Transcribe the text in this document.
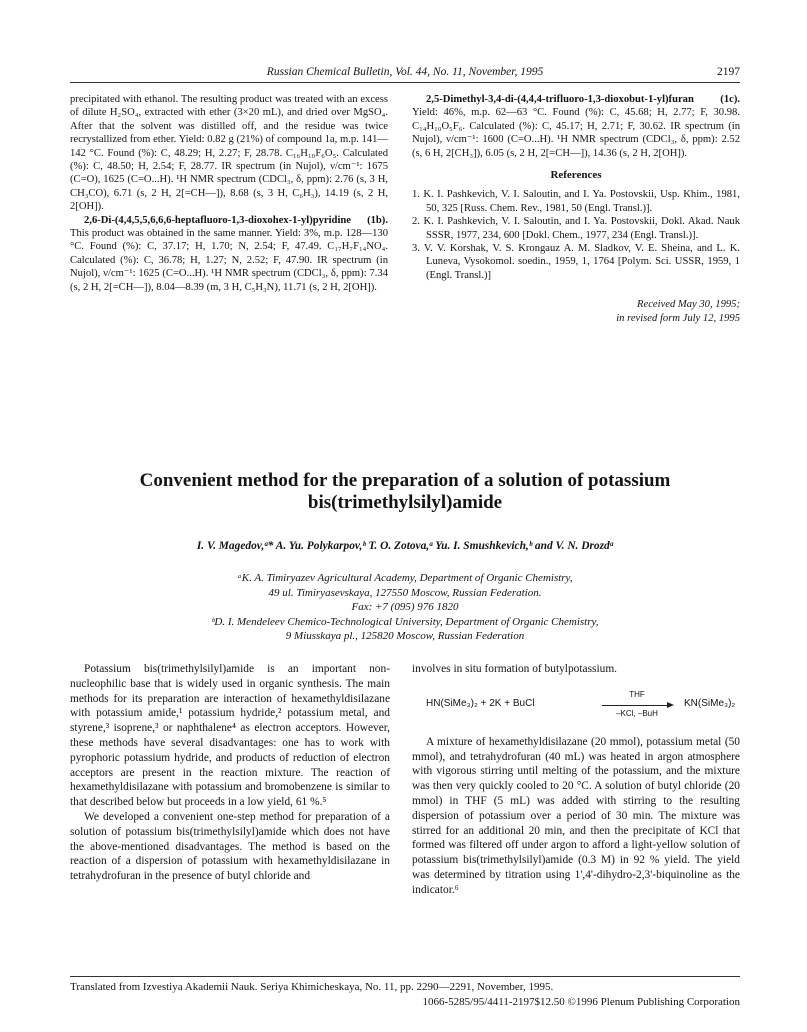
Russian Chemical Bulletin, Vol. 44, No. 11, November, 1995	2197

precipitated with ethanol. The resulting product was treated with an excess of dilute H₂SO₄, extracted with ether (3×20 mL), and dried over MgSO₄. After that the solvent was distilled off, and the residue was twice recrystallized from ether. Yield: 0.82 g (21%) of compound 1a, m.p. 141—142 °C. Found (%): C, 48.29; H, 2.27; F, 28.78. C₁₆H₁₀F₆O₅. Calculated (%): C, 48.50; H, 2.54; F, 28.77. IR spectrum (in Nujol), ν/cm⁻¹: 1675 (C=O), 1625 (C=O...H). ¹H NMR spectrum (CDCl₃, δ, ppm): 2.76 (s, 3 H, CH₃CO), 6.71 (s, 2 H, 2[=CH—]), 8.68 (s, 3 H, C₆H₃), 14.19 (s, 2 H, 2[OH]).

2,6-Di-(4,4,5,5,6,6,6-heptafluoro-1,3-dioxohex-1-yl)pyridine (1b). This product was obtained in the same manner. Yield: 3%, m.p. 128—130 °C. Found (%): C, 37.17; H, 1.70; N, 2.54; F, 47.49. C₁₇H₇F₁₄NO₄. Calculated (%): C, 36.78; H, 1.27; N, 2.52; F, 47.90. IR spectrum (in Nujol), ν/cm⁻¹: 1625 (C=O...H). ¹H NMR spectrum (CDCl₃, δ, ppm): 7.34 (s, 2 H, 2[=CH—]), 8.04—8.39 (m, 3 H, C₅H₃N), 11.71 (s, 2 H, 2[OH]).

2,5-Dimethyl-3,4-di-(4,4,4-trifluoro-1,3-dioxobut-1-yl)furan (1c). Yield: 46%, m.p. 62—63 °C. Found (%): C, 45.68; H, 2.77; F, 30.98. C₁₄H₁₀O₅F₆. Calculated (%): C, 45.17; H, 2.71; F, 30.62. IR spectrum (in Nujol), ν/cm⁻¹: 1600 (C=O...H). ¹H NMR spectrum (CDCl₃, δ, ppm): 2.52 (s, 6 H, 2[CH₃]), 6.05 (s, 2 H, 2[=CH—]), 14.36 (s, 2 H, 2[OH]).

References

1. K. I. Pashkevich, V. I. Saloutin, and I. Ya. Postovskii, Usp. Khim., 1981, 50, 325 [Russ. Chem. Rev., 1981, 50 (Engl. Transl.)].

2. K. I. Pashkevich, V. I. Saloutin, and I. Ya. Postovskii, Dokl. Akad. Nauk SSSR, 1977, 234, 600 [Dokl. Chem., 1977, 234 (Engl. Transl.)].

3. V. V. Korshak, V. S. Krongauz A. M. Sladkov, V. E. Sheina, and L. K. Luneva, Vysokomol. soedin., 1959, 1, 1764 [Polym. Sci. USSR, 1959, 1 (Engl. Transl.)]

Received May 30, 1995;
in revised form July 12, 1995

Convenient method for the preparation of a solution of potassium
bis(trimethylsilyl)amide
I. V. Magedov,ᵃ* A. Yu. Polykarpov,ᵇ T. O. Zotova,ᵃ Yu. I. Smushkevich,ᵇ and V. N. Drozdᵃ

ᵃK. A. Timiryazev Agricultural Academy, Department of Organic Chemistry,

49 ul. Timiryasevskaya, 127550 Moscow, Russian Federation.

Fax: +7 (095) 976 1820

ᵇD. I. Mendeleev Chemico-Technological University, Department of Organic Chemistry,

9 Miusskaya pl., 125820 Moscow, Russian Federation

Potassium bis(trimethylsilyl)amide is an important non-nucleophilic base that is widely used in organic synthesis. The main methods for its preparation are interaction of hexamethyldisilazane with potassium amide,¹ potassium hydride,² potassium metal, and styrene,³ isoprene,³ or naphthalene⁴ as electron acceptors. However, these methods have several disadvantages: one has to work with pyrophoric potassium hydride, and products of reduction of electron acceptors are present in the reaction mixture. The reaction of hexamethyldisilazane with potassium and bromobenzene is similar to that described below but proceeds in a low yield, 61 %.⁵

We developed a convenient one-step method for preparation of a solution of potassium bis(trimethylsilyl)amide which does not have the above-mentioned disadvantages. The method is based on the reaction of a dispersion of potassium with hexamethyldisilazane in tetrahydrofuran in the presence of butyl chloride and

involves in situ formation of butylpotassium.

HN(SiMe₃)₂ + 2K + BuCl
THF
–KCl, –BuH
KN(SiMe₃)₂

A mixture of hexamethyldisilazane (20 mmol), potassium metal (50 mmol), and tetrahydrofuran (40 mL) was heated in argon atmosphere with vigorous stirring until melting of the potassium, and the mixture was then very quickly cooled to 20 °C. A solution of butyl chloride (20 mmol) in THF (5 mL) was added with stirring to the resulting dispersion of potassium over a period of 30 min. The mixture was stirred for an additional 20 min, and then the precipitate of KCl that formed was filtered off under argon to afford a light-yellow solution of potassium bis(trimethylsilyl)amide (0.3 M) in 92 % yield. The yield was determined by titration using 1',4'-dihydro-2,3'-biquinoline as the indicator.⁶

Translated from Izvestiya Akademii Nauk. Seriya Khimicheskaya, No. 11, pp. 2290—2291, November, 1995.

1066-5285/95/4411-2197$12.50 ©1996 Plenum Publishing Corporation
